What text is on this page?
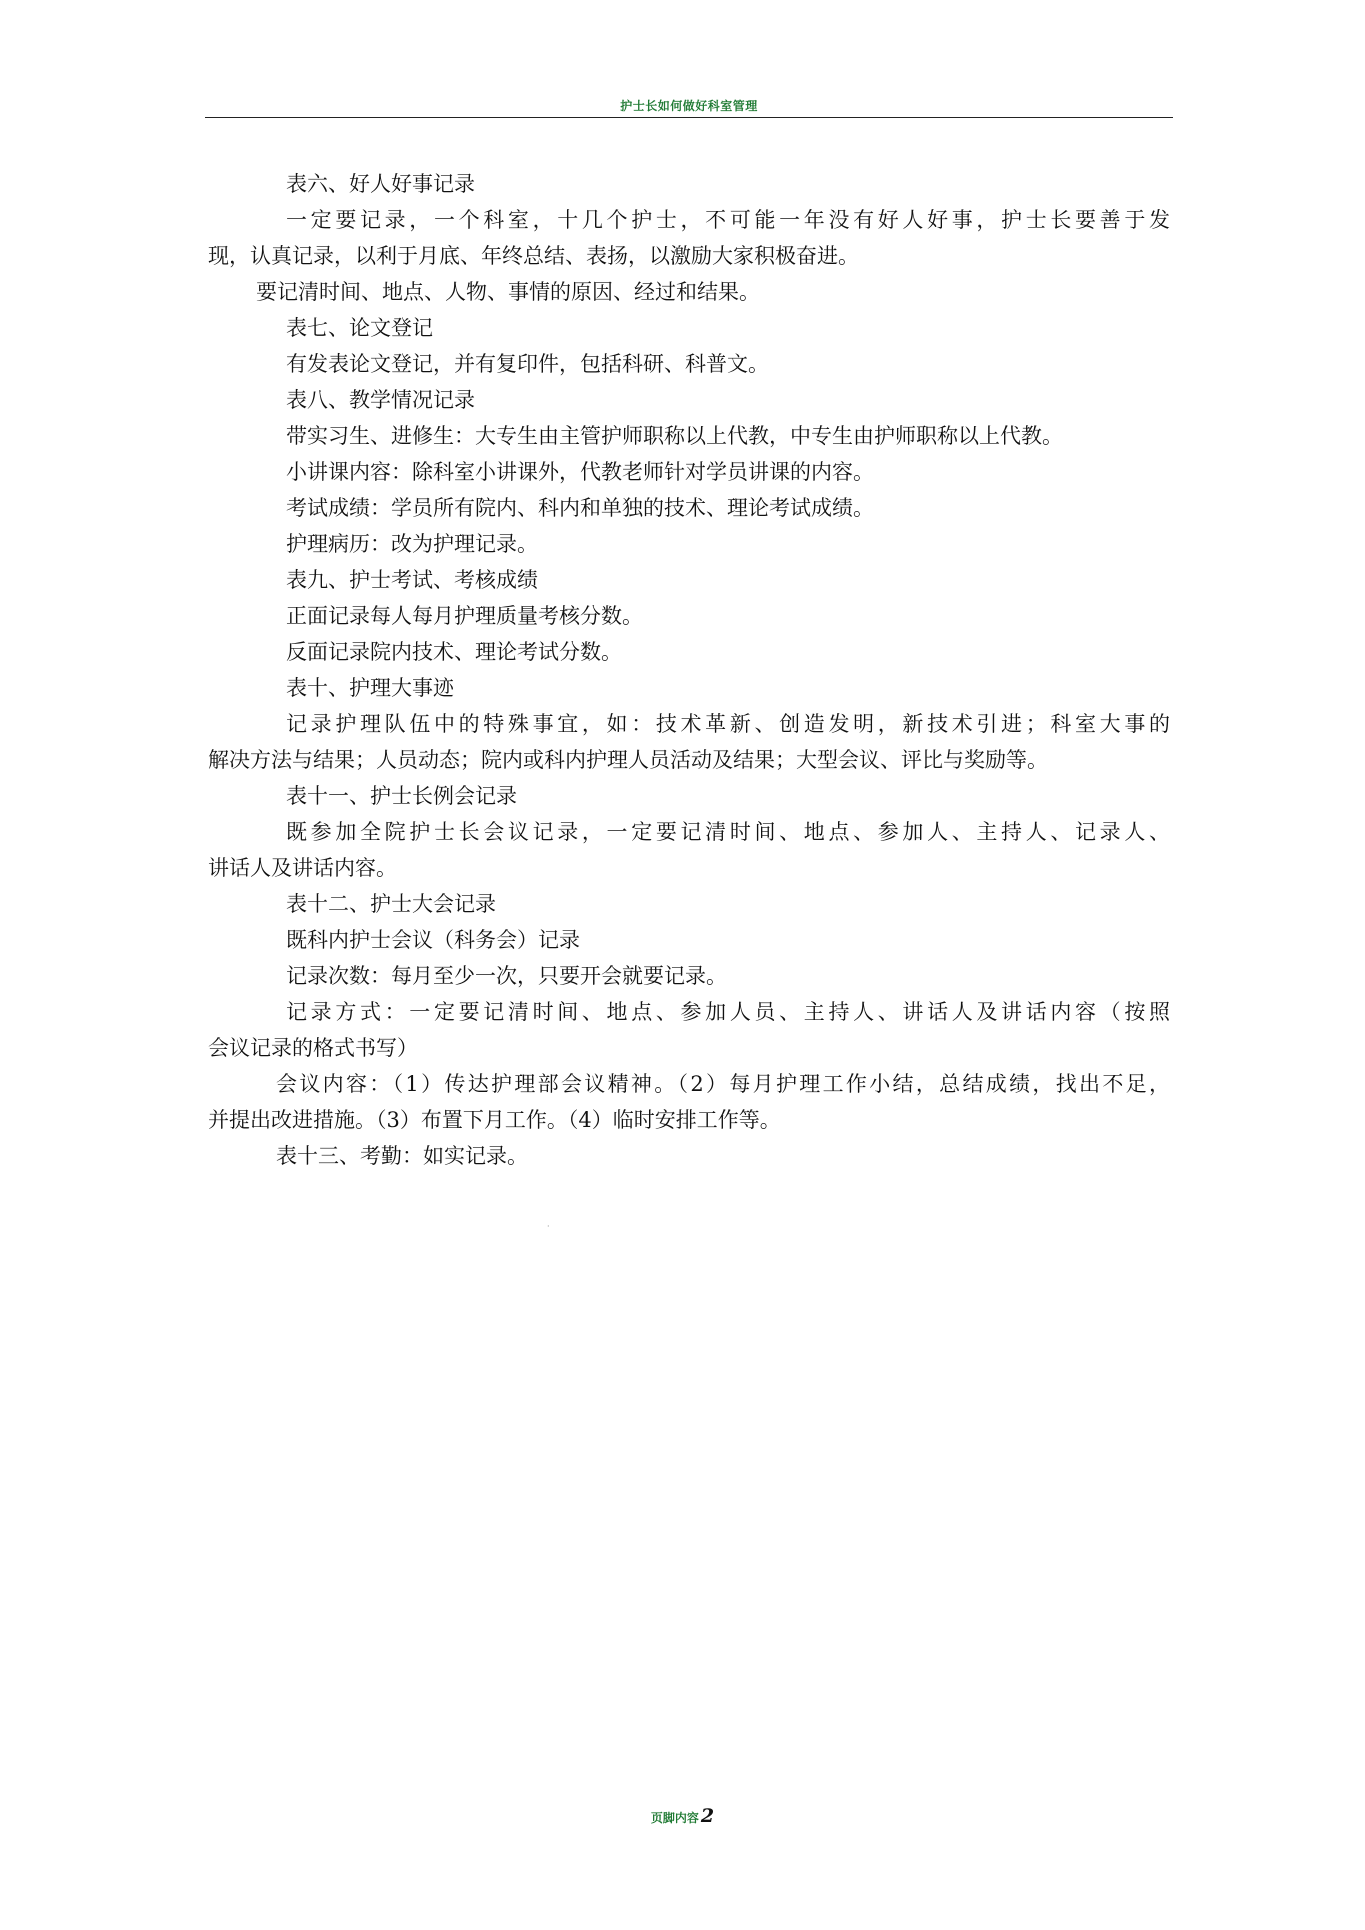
护士长如何做好科室管理
表六、好人好事记录
一定要记录，一个科室，十几个护士，不可能一年没有好人好事，护士长要善于发
现，认真记录，以利于月底、年终总结、表扬，以激励大家积极奋进。
要记清时间、地点、人物、事情的原因、经过和结果。
表七、论文登记
有发表论文登记，并有复印件，包括科研、科普文。
表八、教学情况记录
带实习生、进修生：大专生由主管护师职称以上代教，中专生由护师职称以上代教。
小讲课内容：除科室小讲课外，代教老师针对学员讲课的内容。
考试成绩：学员所有院内、科内和单独的技术、理论考试成绩。
护理病历：改为护理记录。
表九、护士考试、考核成绩
正面记录每人每月护理质量考核分数。
反面记录院内技术、理论考试分数。
表十、护理大事迹
记录护理队伍中的特殊事宜，如：技术革新、创造发明，新技术引进；科室大事的
解决方法与结果；人员动态；院内或科内护理人员活动及结果；大型会议、评比与奖励等。
表十一、护士长例会记录
既参加全院护士长会议记录，一定要记清时间、地点、参加人、主持人、记录人、
讲话人及讲话内容。
表十二、护士大会记录
既科内护士会议（科务会）记录
记录次数：每月至少一次，只要开会就要记录。
记录方式：一定要记清时间、地点、参加人员、主持人、讲话人及讲话内容（按照
会议记录的格式书写）
会议内容：（1）传达护理部会议精神。（2）每月护理工作小结，总结成绩，找出不足，
并提出改进措施。（3）布置下月工作。（4）临时安排工作等。
表十三、考勤：如实记录。
·
页脚内容 2
